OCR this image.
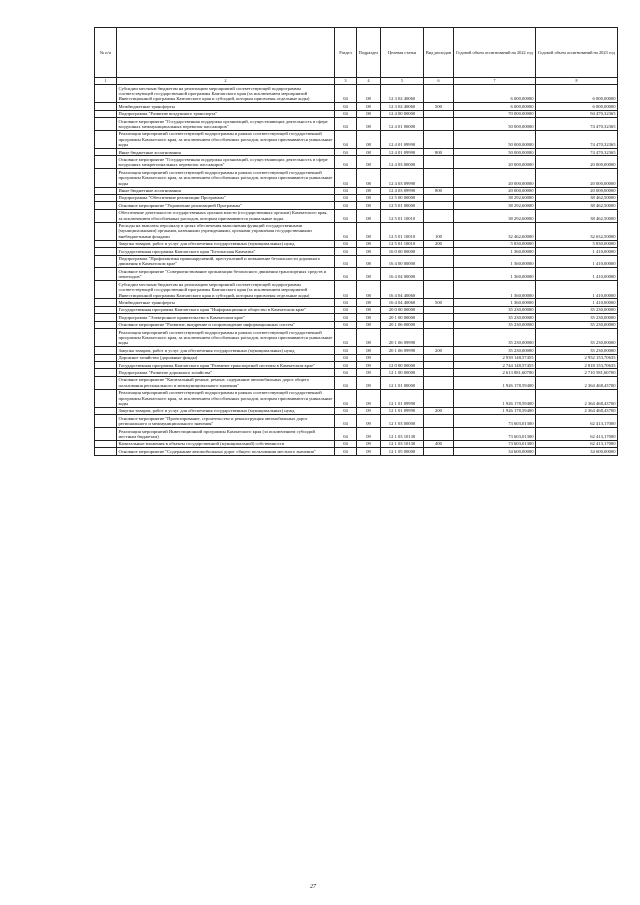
№ п/п		Раздел	Подраздел	Целевая статья	Вид расходов	Годовой объем ассигнований на 2022 год	Годовой объем ассигнований на 2023 год
1	2	3	4	5	6	7	8
	Субсидии местным бюджетам на реализацию мероприятий соответствующей подпрограммы соответствующей государственной программы Камчатского края (за исключением мероприятий Инвестиционной программы Камчатского края и субсидий, которым присвоены отдельные коды)	04	08	12 3 02 40060		6 000,00000	6 000,00000
	Межбюджетные трансферты	04	08	12 3 02 40060	500	6 000,00000	6 000,00000
	Подпрограмма "Развитие воздушного транспорта"	04	08	12 4 00 00000		70 000,00000	94 470,32365
	Основное мероприятие "Государственная поддержка организаций, осуществляющих деятельность в сфере воздушных межмуниципальных перевозок пассажиров"	04	08	12 4 01 00000		50 000,00000	74 470,32365
	Реализация мероприятий соответствующей подпрограммы в рамках соответствующей государственной программы Камчатского края, за исключением обособленных расходов, которым присваиваются уникальные коды	04	08	12 4 01 09990		50 000,00000	74 470,32365
	Иные бюджетные ассигнования	04	08	12 4 01 09990	800	50 000,00000	74 470,32365
	Основное мероприятие "Государственная поддержка организаций, осуществляющих деятельность в сфере воздушных межрегиональных перевозок пассажиров"	04	08	12 4 03 00000		20 000,00000	20 000,00000
	Реализация мероприятий соответствующей подпрограммы в рамках соответствующей государственной программы Камчатского края, за исключением обособленных расходов, которым присваиваются уникальные коды	04	08	12 4 03 09990		20 000,00000	20 000,00000
	Иные бюджетные ассигнования	04	08	12 4 03 09990	800	20 000,00000	20 000,00000
	Подпрограмма "Обеспечение реализации Программы"	04	08	12 5 00 00000		38 292,60000	38 462,50000
	Основное мероприятие "Управление реализацией Программы"	04	08	12 5 01 00000		38 292,60000	38 462,50000
	Обеспечение деятельности государственных органов власти (государственных органов) Камчатского края, за исключением обособленных расходов, которым присваиваются уникальные коды.	04	08	12 5 01 10010		38 292,60000	38 462,50000
	Расходы на выплаты персоналу в целях обеспечения выполнения функций государственными (муниципальными) органами, казенными учреждениями, органами управления государственными внебюджетными фондами	04	08	12 5 01 10010	100	32 462,60000	32 632,50000
	Закупка товаров, работ и услуг для обеспечения государственных (муниципальных) нужд	04	08	12 5 01 10010	200	5 830,00000	5 830,00000
	Государственная программа Камчатского края "Безопасная Камчатка"	04	08	16 0 00 00000		1 360,00000	1 410,00000
	Подпрограмма "Профилактика правонарушений, преступлений и повышение безопасности дорожного движения в Камчатском крае"	04	08	16 4 00 00000		1 360,00000	1 410,00000
	Основное мероприятие "Совершенствование организации безопасного движения транспортных средств и пешеходов"	04	08	16 4 04 00000		1 360,00000	1 410,00000
	Субсидии местным бюджетам на реализацию мероприятий соответствующей подпрограммы соответствующей государственной программы Камчатского края (за исключением мероприятий Инвестиционной программы Камчатского края и субсидий, которым присвоены отдельные коды)	04	08	16 4 04 40060		1 360,00000	1 410,00000
	Межбюджетные трансферты	04	08	16 4 04 40060	500	1 360,00000	1 410,00000
	Государственная программа Камчатского края "Информационное общество в Камчатском крае"	04	08	20 0 00 00000		35 230,00000	35 230,00000
	Подпрограмма "Электронное правительство в Камчатском крае"	04	08	20 1 00 00000		35 230,00000	35 230,00000
	Основное мероприятие "Развитие, внедрение и сопровождение информационных систем"	04	08	20 1 06 00000		35 230,00000	35 230,00000
	Реализация мероприятий соответствующей подпрограммы в рамках соответствующей государственной программы Камчатского края, за исключением обособленных расходов, которым присваиваются уникальные коды	04	08	20 1 06 09990		35 230,00000	35 230,00000
	Закупка товаров, работ и услуг для обеспечения государственных (муниципальных) нужд	04	08	20 1 06 09990	200	35 230,00000	35 230,00000
	Дорожное хозяйство (дорожные фонды)	04	09			2 939 148,57455	2 952 153,70635
	Государственная программа Камчатского края "Развитие транспортной системы в Камчатском крае"	04	09	12 0 00 00000		2 744 148,57455	2 818 153,70635
	Подпрограмма "Развитие дорожного хозяйства"	04	09	12 1 00 00000		2 613 881,60700	2 710 581,60700
	Основное мероприятие "Капитальный ремонт, ремонт, содержание автомобильных дорог общего пользования регионального и межмуниципального значения"	04	09	12 1 01 00000		1 926 178,59400	2 364 468,43700
	Реализация мероприятий соответствующей подпрограммы в рамках соответствующей государственной программы Камчатского края, за исключением обособленных расходов, которым присваиваются уникальные коды	04	09	12 1 01 09990		1 926 178,59400	2 364 468,43700
	Закупка товаров, работ и услуг для обеспечения государственных (муниципальных) нужд	04	09	12 1 01 09990	200	1 926 178,59400	2 364 468,43700
	Основное мероприятие "Проектирование, строительство и реконструкция автомобильных дорог регионального и межмуниципального значения"	04	09	12 1 03 00000		73 603,01300	62 413,17000
	Реализация мероприятий Инвестиционной программы Камчатского края (за исключением субсидий местным бюджетам)	04	09	12 1 03 10130		73 603,01300	62 413,17000
	Капитальные вложения в объекты государственной (муниципальной) собственности	04	09	12 1 03 10130	400	73 603,01300	62 413,17000
	Основное мероприятие "Содержание автомобильных дорог общего пользования местного значения"	04	09	12 1 05 00000		34 600,00000	34 600,00000
27
